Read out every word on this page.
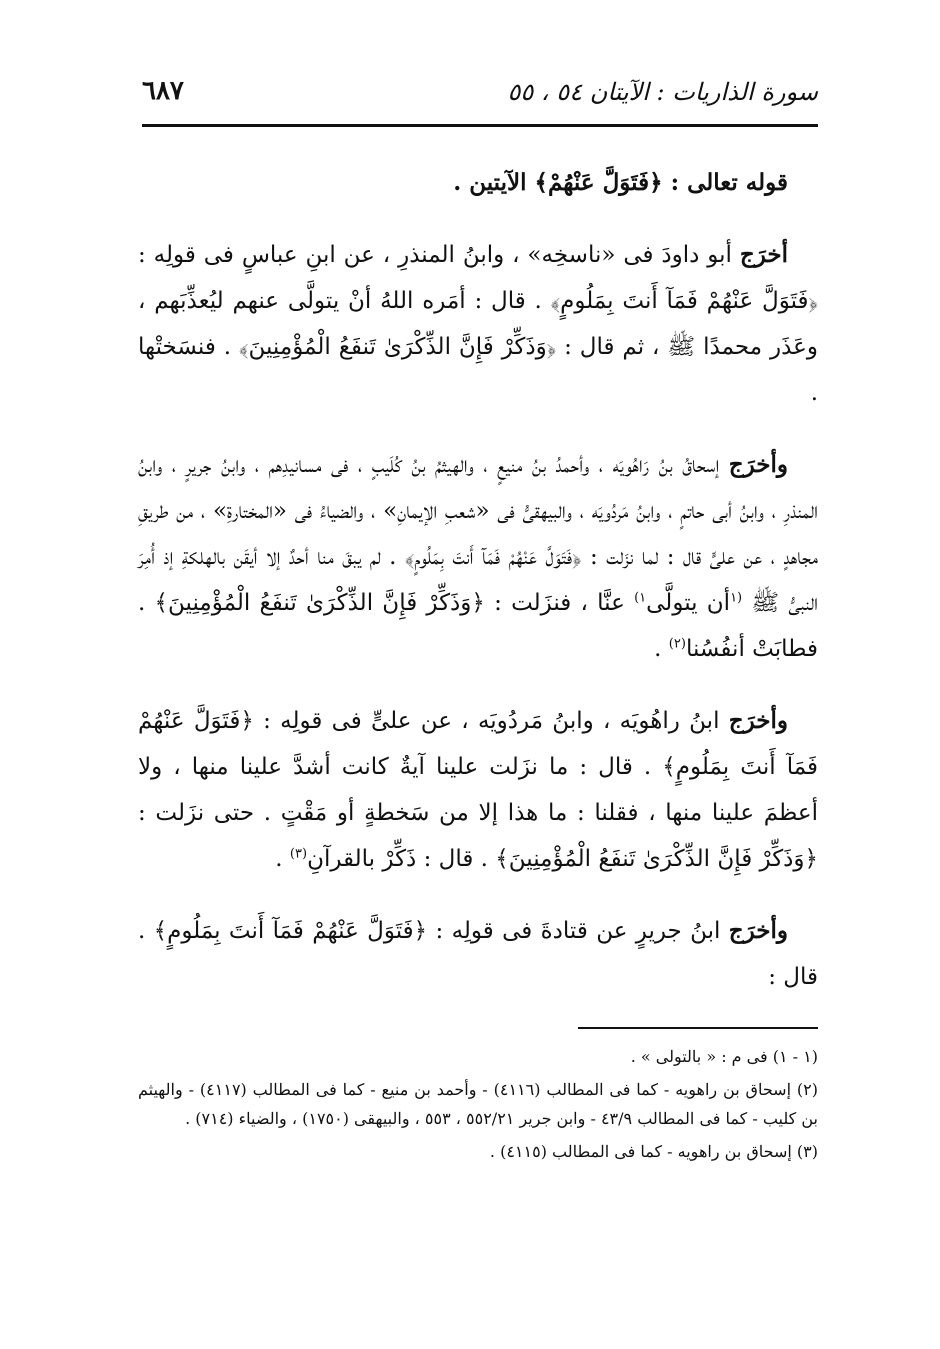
سورة الذاريات : الآيتان ٥٤ ، ٥٥
٦٨٧

قوله تعالى : ﴿فَتَوَلَّ عَنْهُمْ﴾ الآيتين .

أخرَج أبو داودَ فى «ناسخِه» ، وابنُ المنذرِ ، عن ابنِ عباسٍ فى قولِه : ﴿فَتَوَلَّ عَنْهُمْ فَمَآ أَنتَ بِمَلُومٍ﴾ . قال : أمَره اللهُ أنْ يتولَّى عنهم ليُعذِّبَهم ، وعَذَر محمدًا ﷺ ، ثم قال : ﴿وَذَكِّرْ فَإِنَّ الذِّكْرَىٰ تَنفَعُ الْمُؤْمِنِينَ﴾ . فنسَختْها .

وأخرَج إسحاقُ بنُ رَاهُويَه ، وأحمدُ بنُ منيعٍ ، والهيثمُ بنُ كُلَيبٍ ، فى مسانيدِهم ، وابنُ جريرٍ ، وابنُ المنذرِ ، وابنُ أبى حاتمٍ ، وابنُ مَردُويَه ، والبيهقىُّ فى «شعبِ الإيمانِ» ، والضياءُ فى «المختارةِ» ، من طريقِ مجاهدٍ ، عن علىٍّ قال : لما نزَلت : ﴿فَتَوَلَّ عَنْهُمْ فَمَآ أَنتَ بِمَلُومٍ﴾ . لم يبقَ منا أحدٌ إلا أيقَن بالهلكةِ إذ أُمِرَ النبىُّ ﷺ $^{(١}$أن يتولَّى$^{١)}$ عنَّا ، فنزَلت : ﴿وَذَكِّرْ فَإِنَّ الذِّكْرَىٰ تَنفَعُ الْمُؤْمِنِينَ﴾ . فطابَتْ أنفُسُنا$^{(٢)}$ .

وأخرَج ابنُ راهُويَه ، وابنُ مَردُويَه ، عن علىٍّ فى قولِه : ﴿فَتَوَلَّ عَنْهُمْ فَمَآ أَنتَ بِمَلُومٍ﴾ . قال : ما نزَلت علينا آيةٌ كانت أشدَّ علينا منها ، ولا أعظمَ علينا منها ، فقلنا : ما هذا إلا من سَخطةٍ أو مَقْتٍ . حتى نزَلت : ﴿وَذَكِّرْ فَإِنَّ الذِّكْرَىٰ تَنفَعُ الْمُؤْمِنِينَ﴾ . قال : ذَكِّرْ بالقرآنِ$^{(٣)}$ .

وأخرَج ابنُ جريرٍ عن قتادةَ فى قولِه : ﴿فَتَوَلَّ عَنْهُمْ فَمَآ أَنتَ بِمَلُومٍ﴾ . قال :

(١ - ١) فى م : « بالتولى » .
(٢) إسحاق بن راهويه - كما فى المطالب (٤١١٦) - وأحمد بن منيع - كما فى المطالب (٤١١٧) - والهيثم بن كليب - كما فى المطالب ٤٣/٩ - وابن جرير ٥٥٢/٢١ ، ٥٥٣ ، والبيهقى (١٧٥٠) ، والضياء (٧١٤) .
(٣) إسحاق بن راهويه - كما فى المطالب (٤١١٥) .
